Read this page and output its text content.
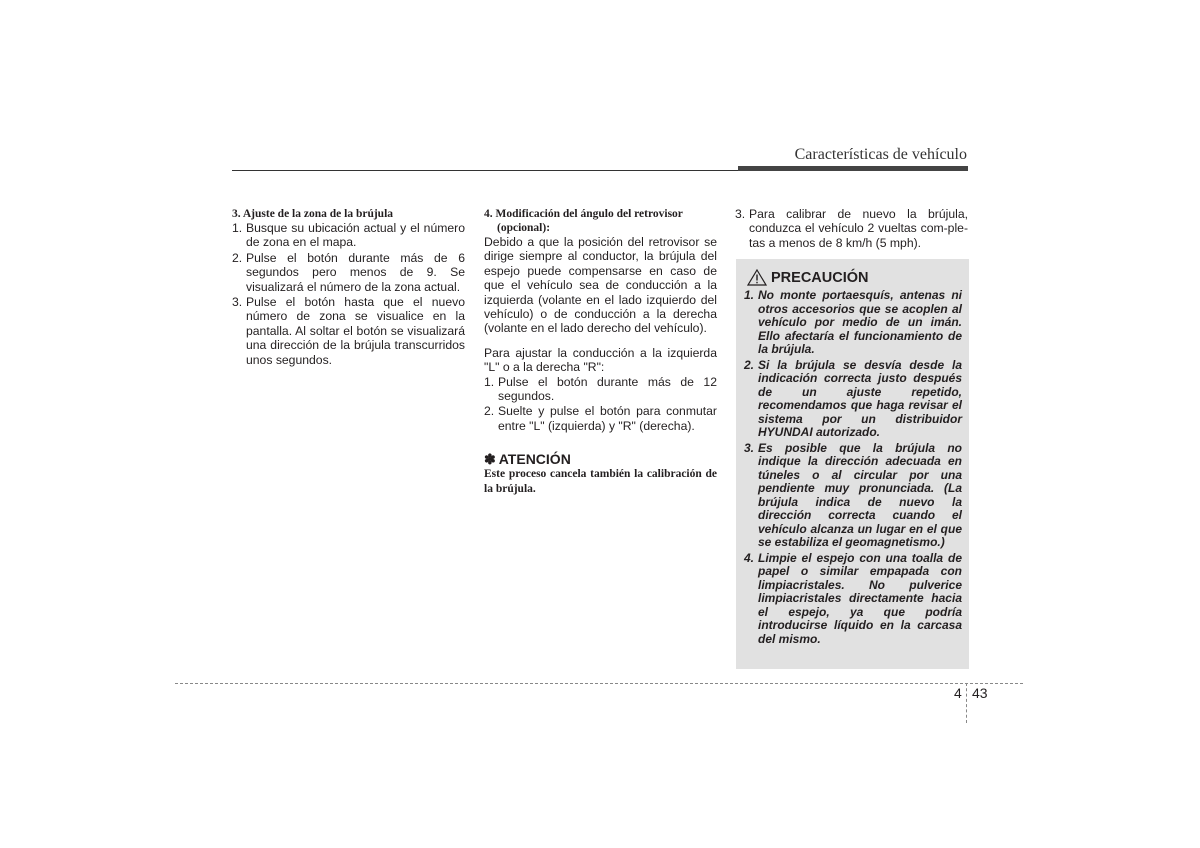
Características de vehículo
3. Ajuste de la zona de la brújula
1. Busque su ubicación actual y el número de zona en el mapa.
2. Pulse el botón durante más de 6 segundos pero menos de 9. Se visualizará el número de la zona actual.
3. Pulse el botón hasta que el nuevo número de zona se visualice en la pantalla. Al soltar el botón se visualizará una dirección de la brújula transcurridos unos segundos.
4. Modificación del ángulo del retrovisor (opcional):
Debido a que la posición del retrovisor se dirige siempre al conductor, la brújula del espejo puede compensarse en caso de que el vehículo sea de conducción a la izquierda (volante en el lado izquierdo del vehículo) o de conducción a la derecha (volante en el lado derecho del vehículo).
Para ajustar la conducción a la izquierda "L" o a la derecha "R":
1. Pulse el botón durante más de 12 segundos.
2. Suelte y pulse el botón para conmutar entre "L" (izquierda) y "R" (derecha).
✽ ATENCIÓN
Este proceso cancela también la calibración de la brújula.
3. Para calibrar de nuevo la brújula, conduzca el vehículo 2 vueltas com-ple-tas a menos de 8 km/h (5 mph).
PRECAUCIÓN
1. No monte portaesquís, antenas ni otros accesorios que se acoplen al vehículo por medio de un imán. Ello afectaría el funcionamiento de la brújula.
2. Si la brújula se desvía desde la indicación correcta justo después de un ajuste repetido, recomendamos que haga revisar el sistema por un distribuidor HYUNDAI autorizado.
3. Es posible que la brújula no indique la dirección adecuada en túneles o al circular por una pendiente muy pronunciada. (La brújula indica de nuevo la dirección correcta cuando el vehículo alcanza un lugar en el que se estabiliza el geomagnetismo.)
4. Limpie el espejo con una toalla de papel o similar empapada con limpiacristales. No pulverice limpiacristales directamente hacia el espejo, ya que podría introducirse líquido en la carcasa del mismo.
4 43
